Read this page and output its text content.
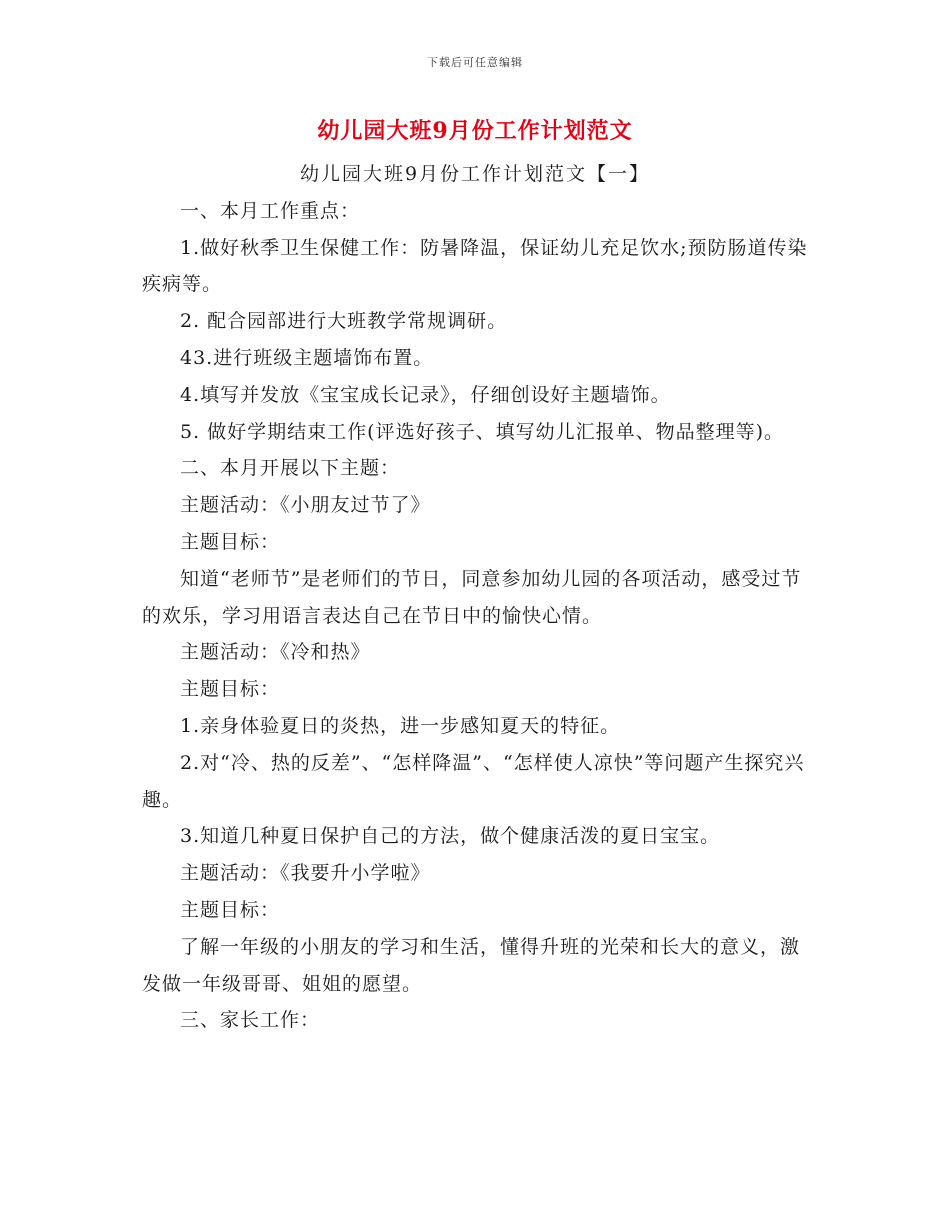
下载后可任意编辑
幼儿园大班9月份工作计划范文

幼儿园大班9月份工作计划范文【一】

一、本月工作重点：

1.做好秋季卫生保健工作：防暑降温，保证幼儿充足饮水;预防肠道传染疾病等。

2. 配合园部进行大班教学常规调研。

43.进行班级主题墙饰布置。

4.填写并发放《宝宝成长记录》，仔细创设好主题墙饰。

5. 做好学期结束工作(评选好孩子、填写幼儿汇报单、物品整理等)。

二、本月开展以下主题：

主题活动：《小朋友过节了》

主题目标：

知道“老师节”是老师们的节日，同意参加幼儿园的各项活动，感受过节的欢乐，学习用语言表达自己在节日中的愉快心情。

主题活动：《冷和热》

主题目标：

1.亲身体验夏日的炎热，进一步感知夏天的特征。

2.对“冷、热的反差”、“怎样降温”、“怎样使人凉快”等问题产生探究兴趣。

3.知道几种夏日保护自己的方法，做个健康活泼的夏日宝宝。

主题活动：《我要升小学啦》

主题目标：

了解一年级的小朋友的学习和生活，懂得升班的光荣和长大的意义，激发做一年级哥哥、姐姐的愿望。

三、家长工作：
